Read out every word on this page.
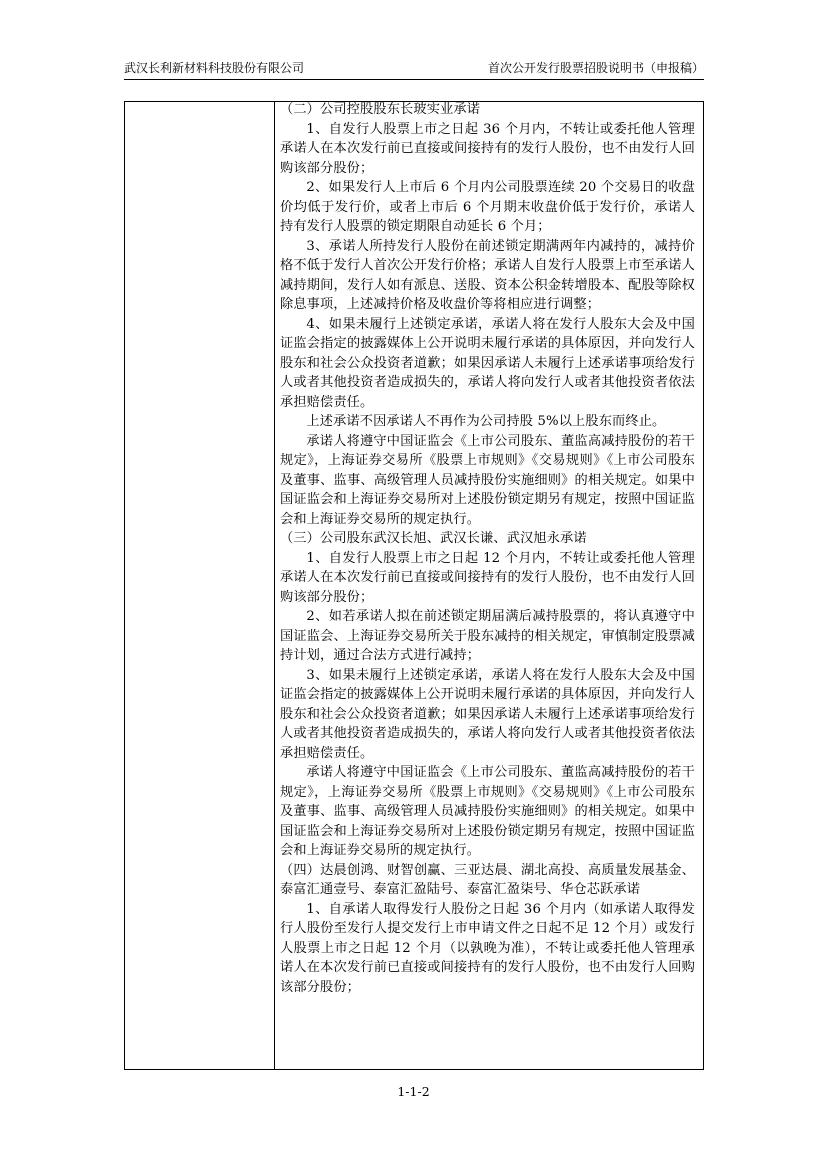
武汉长利新材料科技股份有限公司	首次公开发行股票招股说明书（申报稿）

（二）公司控股股东长玻实业承诺

1、自发行人股票上市之日起 36 个月内，不转让或委托他人管理承诺人在本次发行前已直接或间接持有的发行人股份，也不由发行人回购该部分股份；

2、如果发行人上市后 6 个月内公司股票连续 20 个交易日的收盘价均低于发行价，或者上市后 6 个月期末收盘价低于发行价，承诺人持有发行人股票的锁定期限自动延长 6 个月；

3、承诺人所持发行人股份在前述锁定期满两年内减持的，减持价格不低于发行人首次公开发行价格；承诺人自发行人股票上市至承诺人减持期间，发行人如有派息、送股、资本公积金转增股本、配股等除权除息事项，上述减持价格及收盘价等将相应进行调整；

4、如果未履行上述锁定承诺，承诺人将在发行人股东大会及中国证监会指定的披露媒体上公开说明未履行承诺的具体原因，并向发行人股东和社会公众投资者道歉；如果因承诺人未履行上述承诺事项给发行人或者其他投资者造成损失的，承诺人将向发行人或者其他投资者依法承担赔偿责任。

上述承诺不因承诺人不再作为公司持股 5%以上股东而终止。

承诺人将遵守中国证监会《上市公司股东、董监高减持股份的若干规定》，上海证券交易所《股票上市规则》《交易规则》《上市公司股东及董事、监事、高级管理人员减持股份实施细则》的相关规定。如果中国证监会和上海证券交易所对上述股份锁定期另有规定，按照中国证监会和上海证券交易所的规定执行。

（三）公司股东武汉长旭、武汉长谦、武汉旭永承诺

1、自发行人股票上市之日起 12 个月内，不转让或委托他人管理承诺人在本次发行前已直接或间接持有的发行人股份，也不由发行人回购该部分股份；

2、如若承诺人拟在前述锁定期届满后减持股票的，将认真遵守中国证监会、上海证券交易所关于股东减持的相关规定，审慎制定股票减持计划，通过合法方式进行减持；

3、如果未履行上述锁定承诺，承诺人将在发行人股东大会及中国证监会指定的披露媒体上公开说明未履行承诺的具体原因，并向发行人股东和社会公众投资者道歉；如果因承诺人未履行上述承诺事项给发行人或者其他投资者造成损失的，承诺人将向发行人或者其他投资者依法承担赔偿责任。

承诺人将遵守中国证监会《上市公司股东、董监高减持股份的若干规定》，上海证券交易所《股票上市规则》《交易规则》《上市公司股东及董事、监事、高级管理人员减持股份实施细则》的相关规定。如果中国证监会和上海证券交易所对上述股份锁定期另有规定，按照中国证监会和上海证券交易所的规定执行。

（四）达晨创鸿、财智创赢、三亚达晨、湖北高投、高质量发展基金、泰富汇通壹号、泰富汇盈陆号、泰富汇盈柒号、华仓芯跃承诺

1、自承诺人取得发行人股份之日起 36 个月内（如承诺人取得发行人股份至发行人提交发行上市申请文件之日起不足 12 个月）或发行人股票上市之日起 12 个月（以孰晚为准），不转让或委托他人管理承诺人在本次发行前已直接或间接持有的发行人股份，也不由发行人回购该部分股份；

1-1-2
